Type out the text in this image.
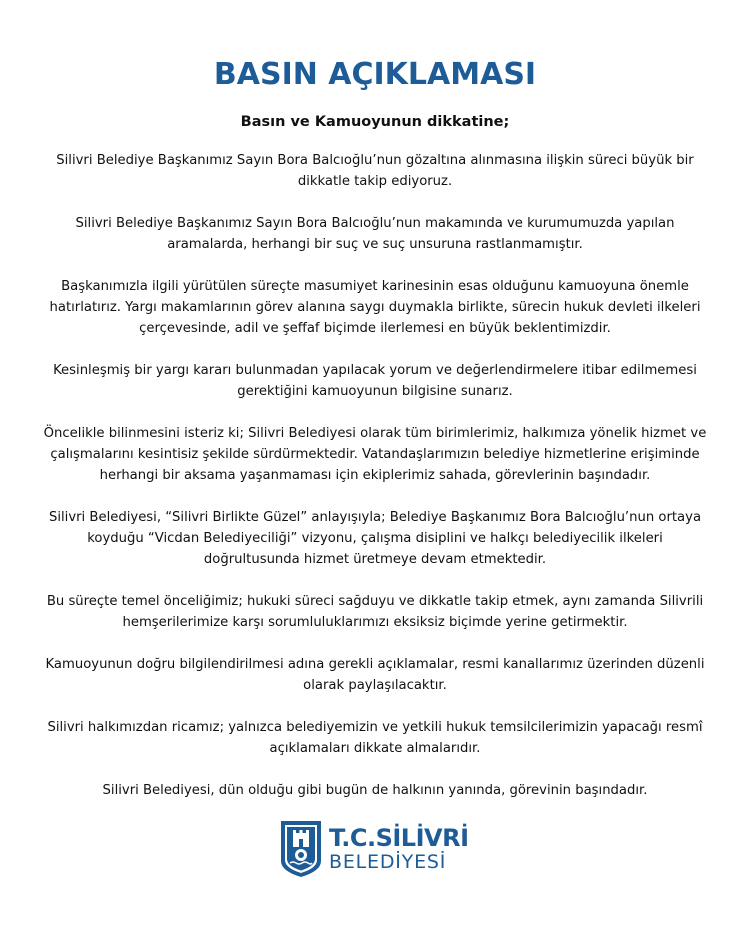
BASIN AÇIKLAMASI
Basın ve Kamuoyunun dikkatine;

Silivri Belediye Başkanımız Sayın Bora Balcıoğlu’nun gözaltına alınmasına ilişkin süreci büyük bir dikkatle takip ediyoruz.

Silivri Belediye Başkanımız Sayın Bora Balcıoğlu’nun makamında ve kurumumuzda yapılan aramalarda, herhangi bir suç ve suç unsuruna rastlanmamıştır.

Başkanımızla ilgili yürütülen süreçte masumiyet karinesinin esas olduğunu kamuoyuna önemle hatırlatırız. Yargı makamlarının görev alanına saygı duymakla birlikte, sürecin hukuk devleti ilkeleri çerçevesinde, adil ve şeffaf biçimde ilerlemesi en büyük beklentimizdir.

Kesinleşmiş bir yargı kararı bulunmadan yapılacak yorum ve değerlendirmelere itibar edilmemesi gerektiğini kamuoyunun bilgisine sunarız.

Öncelikle bilinmesini isteriz ki; Silivri Belediyesi olarak tüm birimlerimiz, halkımıza yönelik hizmet ve çalışmalarını kesintisiz şekilde sürdürmektedir. Vatandaşlarımızın belediye hizmetlerine erişiminde herhangi bir aksama yaşanmaması için ekiplerimiz sahada, görevlerinin başındadır.

Silivri Belediyesi, “Silivri Birlikte Güzel” anlayışıyla; Belediye Başkanımız Bora Balcıoğlu’nun ortaya koyduğu “Vicdan Belediyeciliği” vizyonu, çalışma disiplini ve halkçı belediyecilik ilkeleri doğrultusunda hizmet üretmeye devam etmektedir.

Bu süreçte temel önceliğimiz; hukuki süreci sağduyu ve dikkatle takip etmek, aynı zamanda Silivrili hemşerilerimize karşı sorumluluklarımızı eksiksiz biçimde yerine getirmektir.

Kamuoyunun doğru bilgilendirilmesi adına gerekli açıklamalar, resmi kanallarımız üzerinden düzenli olarak paylaşılacaktır.

Silivri halkımızdan ricamız; yalnızca belediyemizin ve yetkili hukuk temsilcilerimizin yapacağı resmî açıklamaları dikkate almalarıdır.

Silivri Belediyesi, dün olduğu gibi bugün de halkının yanında, görevinin başındadır.

T.C.SİLİVRİ
BELEDİYESİ
